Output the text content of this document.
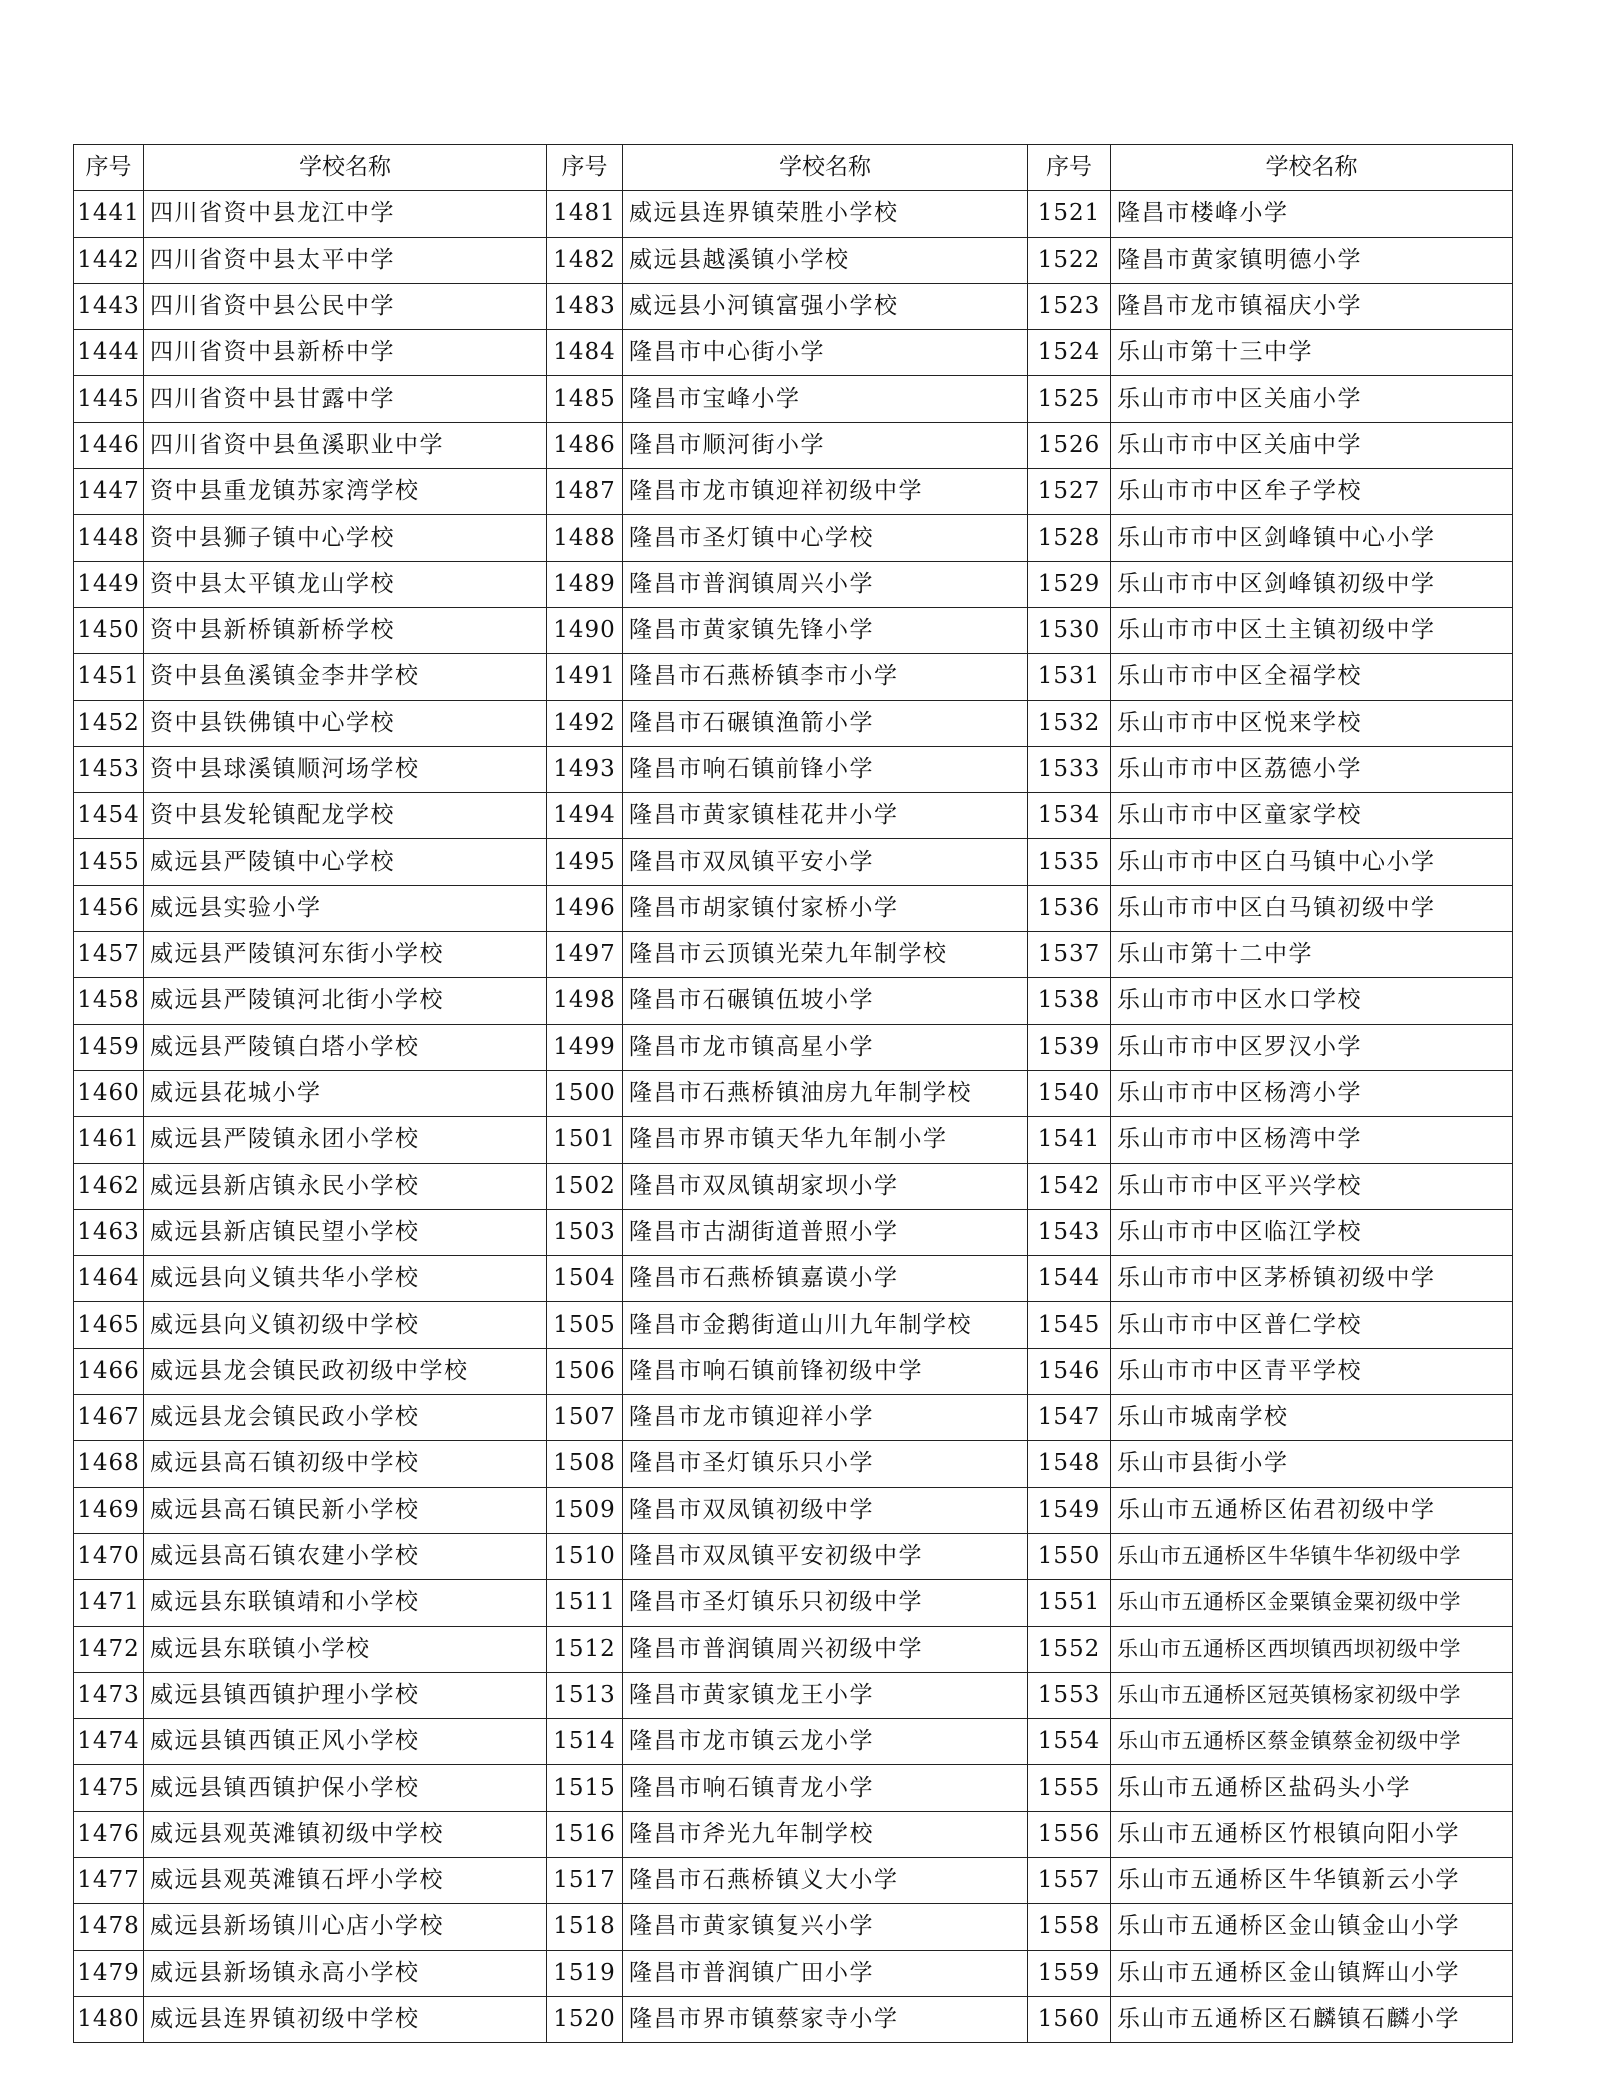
序号	学校名称	序号	学校名称	序号	学校名称
1441	四川省资中县龙江中学	1481	威远县连界镇荣胜小学校	1521	隆昌市楼峰小学
1442	四川省资中县太平中学	1482	威远县越溪镇小学校	1522	隆昌市黄家镇明德小学
1443	四川省资中县公民中学	1483	威远县小河镇富强小学校	1523	隆昌市龙市镇福庆小学
1444	四川省资中县新桥中学	1484	隆昌市中心街小学	1524	乐山市第十三中学
1445	四川省资中县甘露中学	1485	隆昌市宝峰小学	1525	乐山市市中区关庙小学
1446	四川省资中县鱼溪职业中学	1486	隆昌市顺河街小学	1526	乐山市市中区关庙中学
1447	资中县重龙镇苏家湾学校	1487	隆昌市龙市镇迎祥初级中学	1527	乐山市市中区牟子学校
1448	资中县狮子镇中心学校	1488	隆昌市圣灯镇中心学校	1528	乐山市市中区剑峰镇中心小学
1449	资中县太平镇龙山学校	1489	隆昌市普润镇周兴小学	1529	乐山市市中区剑峰镇初级中学
1450	资中县新桥镇新桥学校	1490	隆昌市黄家镇先锋小学	1530	乐山市市中区土主镇初级中学
1451	资中县鱼溪镇金李井学校	1491	隆昌市石燕桥镇李市小学	1531	乐山市市中区全福学校
1452	资中县铁佛镇中心学校	1492	隆昌市石碾镇渔箭小学	1532	乐山市市中区悦来学校
1453	资中县球溪镇顺河场学校	1493	隆昌市响石镇前锋小学	1533	乐山市市中区荔德小学
1454	资中县发轮镇配龙学校	1494	隆昌市黄家镇桂花井小学	1534	乐山市市中区童家学校
1455	威远县严陵镇中心学校	1495	隆昌市双凤镇平安小学	1535	乐山市市中区白马镇中心小学
1456	威远县实验小学	1496	隆昌市胡家镇付家桥小学	1536	乐山市市中区白马镇初级中学
1457	威远县严陵镇河东街小学校	1497	隆昌市云顶镇光荣九年制学校	1537	乐山市第十二中学
1458	威远县严陵镇河北街小学校	1498	隆昌市石碾镇伍坡小学	1538	乐山市市中区水口学校
1459	威远县严陵镇白塔小学校	1499	隆昌市龙市镇高星小学	1539	乐山市市中区罗汉小学
1460	威远县花城小学	1500	隆昌市石燕桥镇油房九年制学校	1540	乐山市市中区杨湾小学
1461	威远县严陵镇永团小学校	1501	隆昌市界市镇天华九年制小学	1541	乐山市市中区杨湾中学
1462	威远县新店镇永民小学校	1502	隆昌市双凤镇胡家坝小学	1542	乐山市市中区平兴学校
1463	威远县新店镇民望小学校	1503	隆昌市古湖街道普照小学	1543	乐山市市中区临江学校
1464	威远县向义镇共华小学校	1504	隆昌市石燕桥镇嘉谟小学	1544	乐山市市中区茅桥镇初级中学
1465	威远县向义镇初级中学校	1505	隆昌市金鹅街道山川九年制学校	1545	乐山市市中区普仁学校
1466	威远县龙会镇民政初级中学校	1506	隆昌市响石镇前锋初级中学	1546	乐山市市中区青平学校
1467	威远县龙会镇民政小学校	1507	隆昌市龙市镇迎祥小学	1547	乐山市城南学校
1468	威远县高石镇初级中学校	1508	隆昌市圣灯镇乐只小学	1548	乐山市县街小学
1469	威远县高石镇民新小学校	1509	隆昌市双凤镇初级中学	1549	乐山市五通桥区佑君初级中学
1470	威远县高石镇农建小学校	1510	隆昌市双凤镇平安初级中学	1550	乐山市五通桥区牛华镇牛华初级中学
1471	威远县东联镇靖和小学校	1511	隆昌市圣灯镇乐只初级中学	1551	乐山市五通桥区金粟镇金粟初级中学
1472	威远县东联镇小学校	1512	隆昌市普润镇周兴初级中学	1552	乐山市五通桥区西坝镇西坝初级中学
1473	威远县镇西镇护理小学校	1513	隆昌市黄家镇龙王小学	1553	乐山市五通桥区冠英镇杨家初级中学
1474	威远县镇西镇正风小学校	1514	隆昌市龙市镇云龙小学	1554	乐山市五通桥区蔡金镇蔡金初级中学
1475	威远县镇西镇护保小学校	1515	隆昌市响石镇青龙小学	1555	乐山市五通桥区盐码头小学
1476	威远县观英滩镇初级中学校	1516	隆昌市斧光九年制学校	1556	乐山市五通桥区竹根镇向阳小学
1477	威远县观英滩镇石坪小学校	1517	隆昌市石燕桥镇义大小学	1557	乐山市五通桥区牛华镇新云小学
1478	威远县新场镇川心店小学校	1518	隆昌市黄家镇复兴小学	1558	乐山市五通桥区金山镇金山小学
1479	威远县新场镇永高小学校	1519	隆昌市普润镇广田小学	1559	乐山市五通桥区金山镇辉山小学
1480	威远县连界镇初级中学校	1520	隆昌市界市镇蔡家寺小学	1560	乐山市五通桥区石麟镇石麟小学
